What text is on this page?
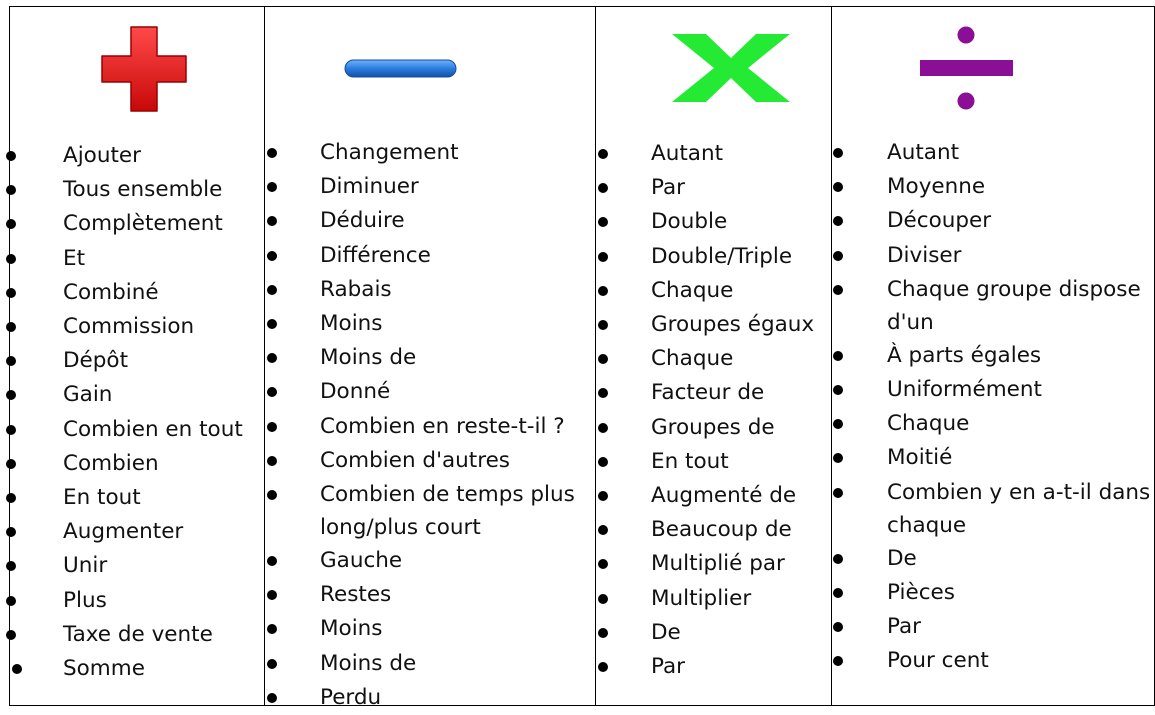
Ajouter
Tous ensemble
Complètement
Et
Combiné
Commission
Dépôt
Gain
Combien en tout
Combien
En tout
Augmenter
Unir
Plus
Taxe de vente
Somme
Changement
Diminuer
Déduire
Différence
Rabais
Moins
Moins de
Donné
Combien en reste-t-il ?
Combien d'autres
Combien de temps plus long/plus court
Gauche
Restes
Moins
Moins de
Perdu
Autant
Par
Double
Double/Triple
Chaque
Groupes égaux
Chaque
Facteur de
Groupes de
En tout
Augmenté de
Beaucoup de
Multiplié par
Multiplier
De
Par
Autant
Moyenne
Découper
Diviser
Chaque groupe dispose d'un
À parts égales
Uniformément
Chaque
Moitié
Combien y en a-t-il dans chaque
De
Pièces
Par
Pour cent
